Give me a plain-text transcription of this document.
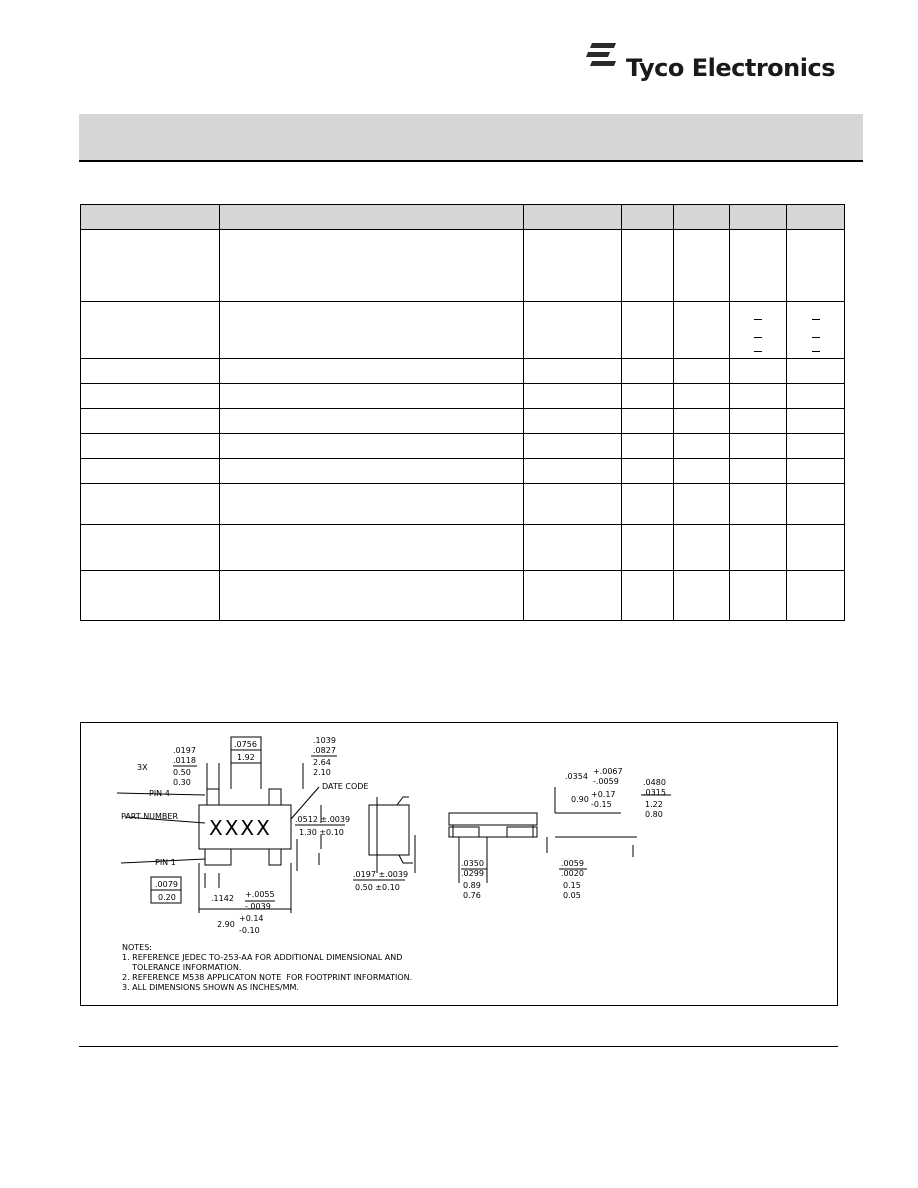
Tyco Electronics

3X
.0197
.0118
0.50
0.30
.0756
1.92
.1039
.0827
2.64
2.10
DATE CODE
PIN 4
PART NUMBER XXXX	.0512 ±.0039
1.30 ±0.10
PIN 1
.0079
0.20	.1142 +.0055
-.0039
2.90
+0.14
-0.10
.0197 ±.0039
0.50 ±0.10
.0354
+.0067
-.0059
0.90
+0.17
-0.15
.0480
.0315
1.22
0.80
.0350
.0299
0.89
0.76
.0059
.0020
0.15
0.05
NOTES:
1. REFERENCE JEDEC TO-253-AA FOR ADDITIONAL DIMENSIONAL AND
TOLERANCE INFORMATION.
2. REFERENCE M538 APPLICATON NOTE  FOR FOOTPRINT INFORMATION.
3. ALL DIMENSIONS SHOWN AS INCHES/MM.
